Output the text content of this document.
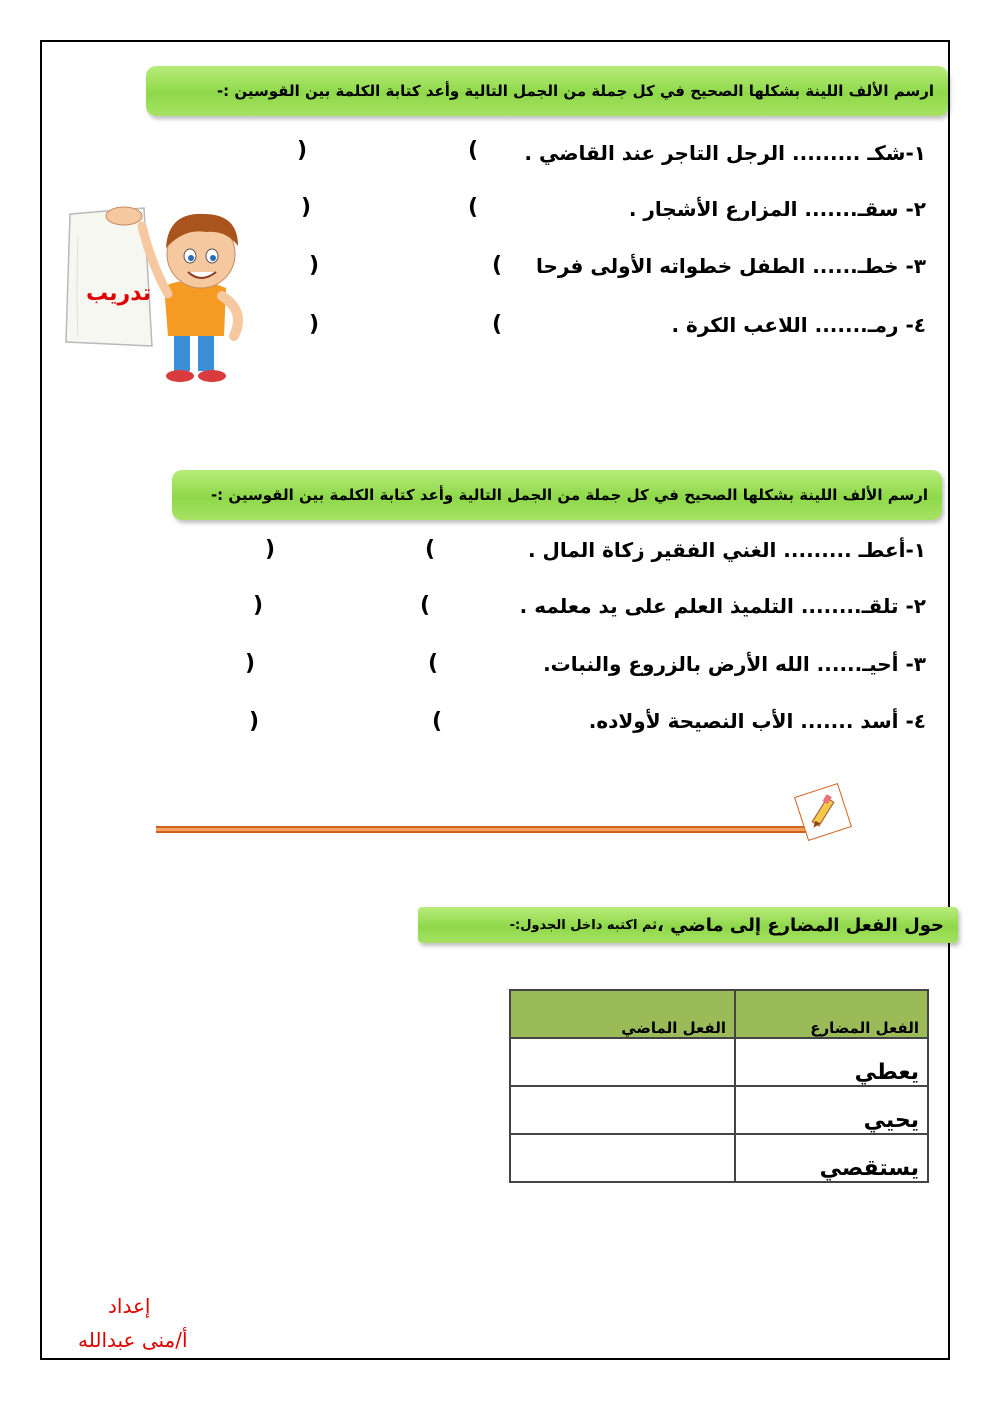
ارسم الألف اللينة بشكلها الصحيح في كل جملة من الجمل التالية وأعد كتابة الكلمة بين القوسين :-
١-شكـ ......... الرجل التاجر عند القاضي .
(
)
٢- سقـ....... المزارع الأشجار .
(
)
٣- خطـ...... الطفل خطواته الأولى فرحا
(
)
٤- رمـ....... اللاعب الكرة .
(
)
تدريب
ارسم الألف اللينة بشكلها الصحيح في كل جملة من الجمل التالية وأعد كتابة الكلمة بين القوسين :-
١-أعطـ ......... الغني الفقير زكاة المال .
(
)
٢- تلقـ........ التلميذ العلم على يد معلمه .
(
)
٣- أحيـ...... الله الأرض بالزروع والنبات.
(
)
٤- أسد ....... الأب النصيحة لأولاده.
(
)
حول الفعل المضارع إلى ماضي ،
ثم اكتبه داخل الجدول:-
الفعل المضارع	الفعل الماضي
يعطي	
يحيي	
يستقصي	
إعداد
أ/منى عبدالله
